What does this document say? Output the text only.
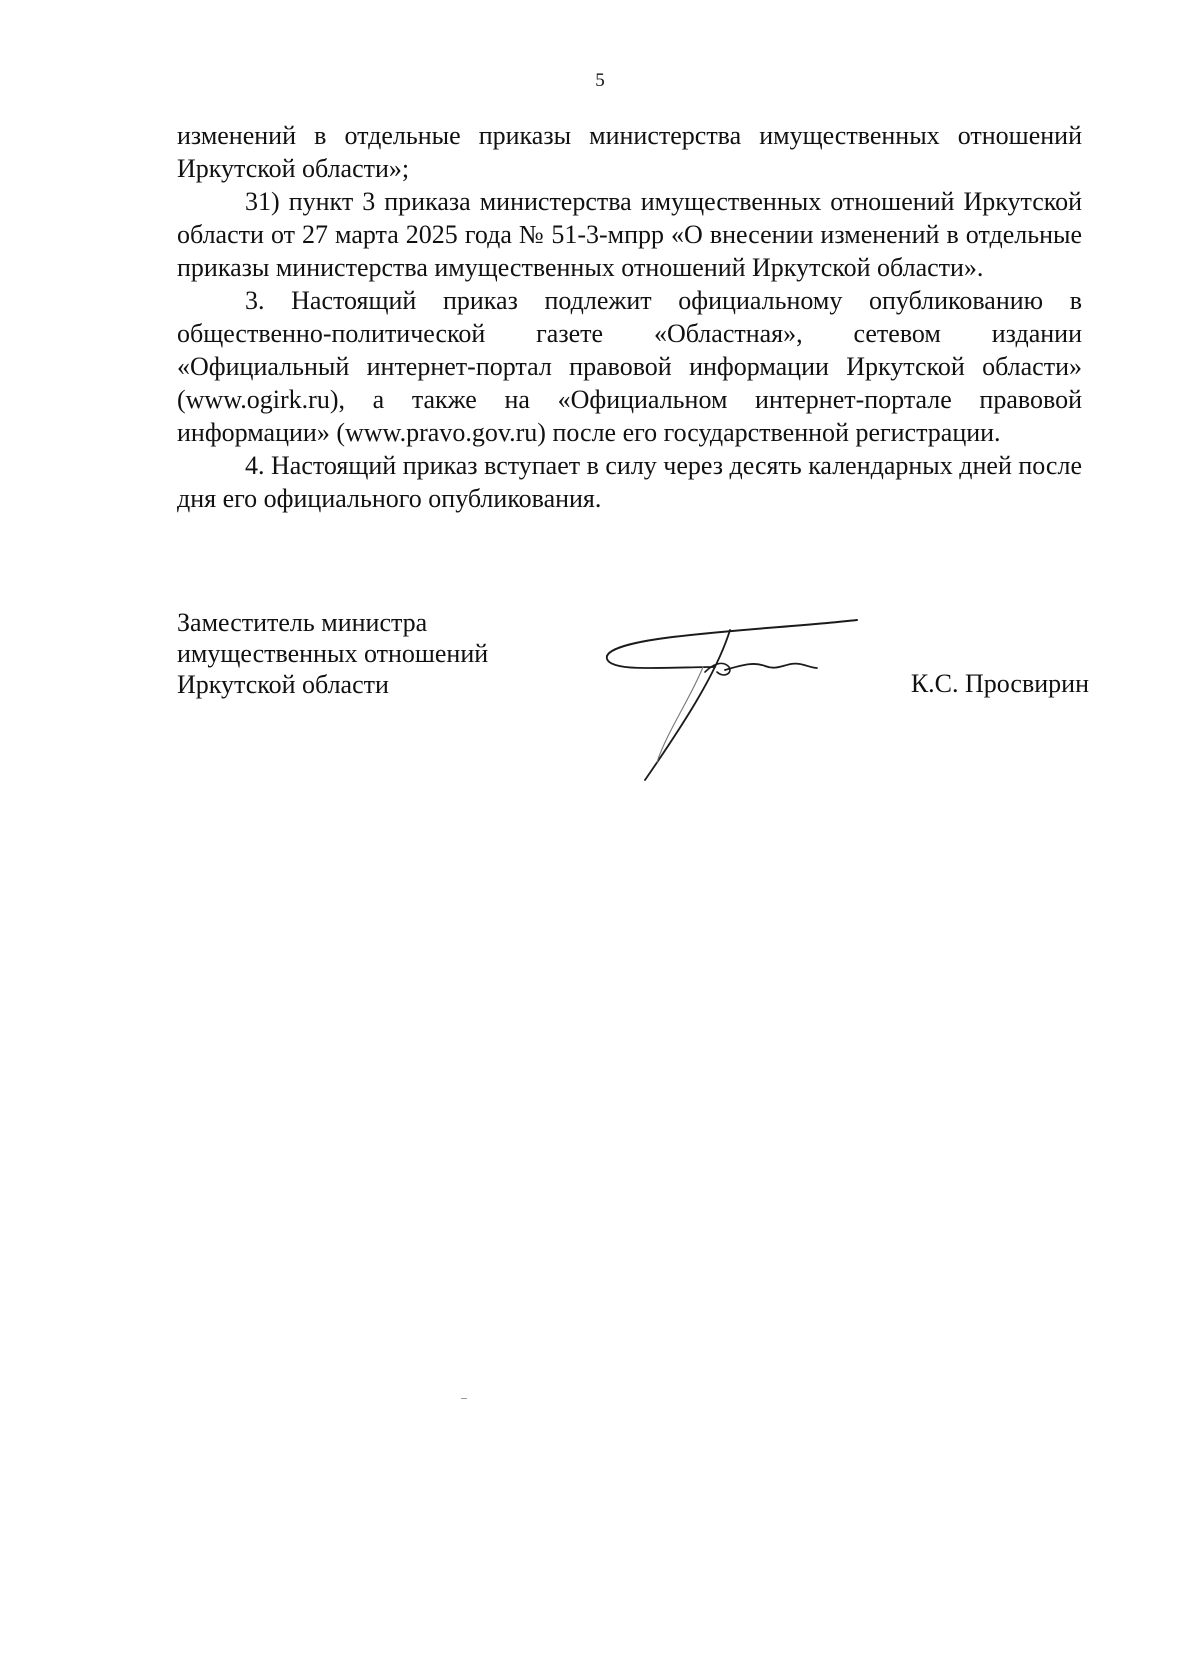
5

изменений в отдельные приказы министерства имущественных отношений Иркутской области»;

31) пункт 3 приказа министерства имущественных отношений Иркутской области от 27 марта 2025 года № 51-3-мпрр «О внесении изменений в отдельные приказы министерства имущественных отношений Иркутской области».

3. Настоящий приказ подлежит официальному опубликованию в общественно-политической газете «Областная», сетевом издании «Официальный интернет-портал правовой информации Иркутской области» (www.ogirk.ru), а также на «Официальном интернет-портале правовой информации» (www.pravo.gov.ru) после его государственной регистрации.

4. Настоящий приказ вступает в силу через десять календарных дней после дня его официального опубликования.

Заместитель министра
имущественных отношений
Иркутской области	К.С. Просвирин
